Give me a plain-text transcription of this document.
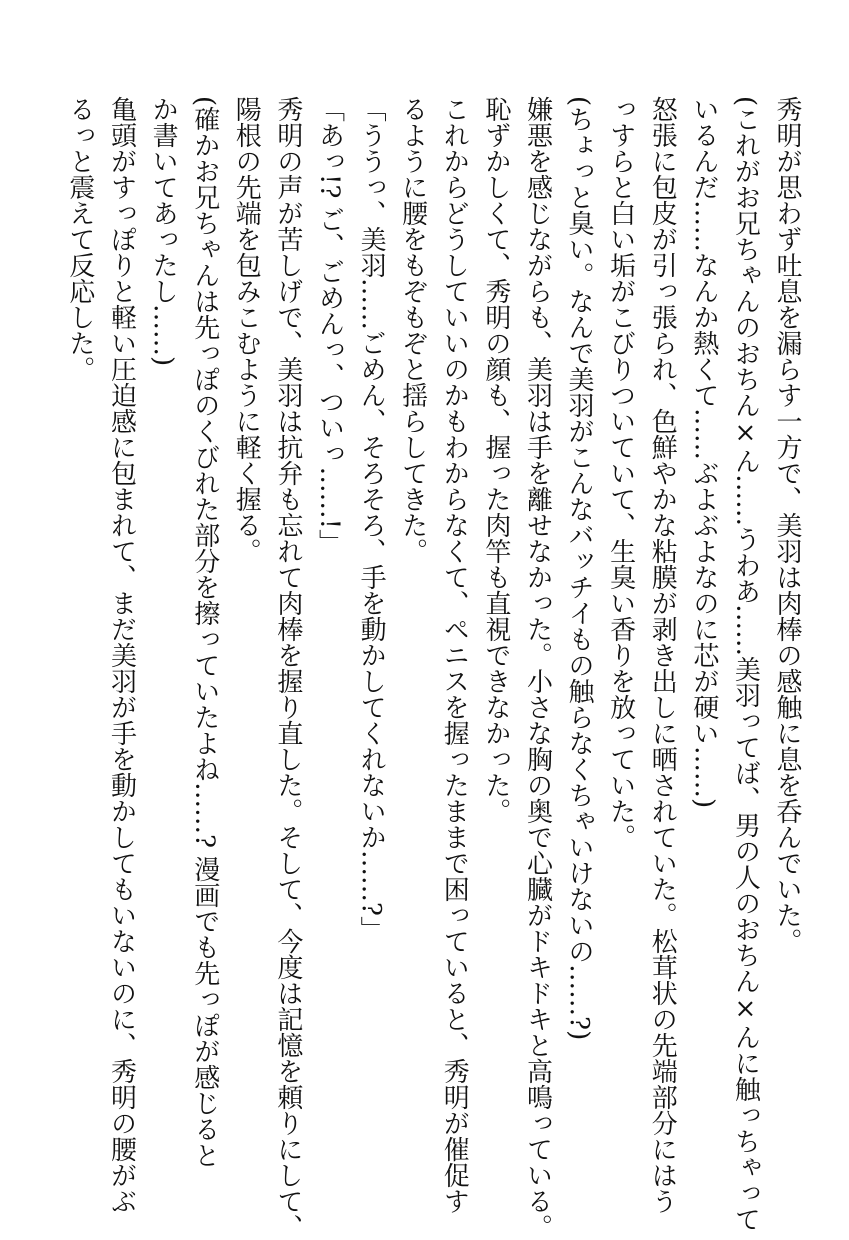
秀明が思わず吐息を漏らす一方で、美羽は肉棒の感触に息を呑んでいた。
(これがお兄ちゃんのおちん×ん……うわあ……美羽ってば、男の人のおちん×んに触っちゃって
いるんだ……なんか熱くて……ぶよぶよなのに芯が硬い……)
怒張に包皮が引っ張られ、色鮮やかな粘膜が剥き出しに晒されていた。松茸状の先端部分にはう
っすらと白い垢がこびりついていて、生臭い香りを放っていた。
(ちょっと臭い。なんで美羽がこんなバッチイもの触らなくちゃいけないの……?)
嫌悪を感じながらも、美羽は手を離せなかった。小さな胸の奥で心臓がドキドキと高鳴っている。
恥ずかしくて、秀明の顔も、握った肉竿も直視できなかった。
これからどうしていいのかもわからなくて、ペニスを握ったままで困っていると、秀明が催促す
るように腰をもぞもぞと揺らしてきた。
「ううっ、美羽……ごめん、そろそろ、手を動かしてくれないか……?」
「あっ!? ご、ごめんっ、ついっ……!」
秀明の声が苦しげで、美羽は抗弁も忘れて肉棒を握り直した。そして、今度は記憶を頼りにして、
陽根の先端を包みこむように軽く握る。
(確かお兄ちゃんは先っぽのくびれた部分を擦っていたよね……? 漫画でも先っぽが感じると
か書いてあったし……)
亀頭がすっぽりと軽い圧迫感に包まれて、まだ美羽が手を動かしてもいないのに、秀明の腰がぶ
るっと震えて反応した。
